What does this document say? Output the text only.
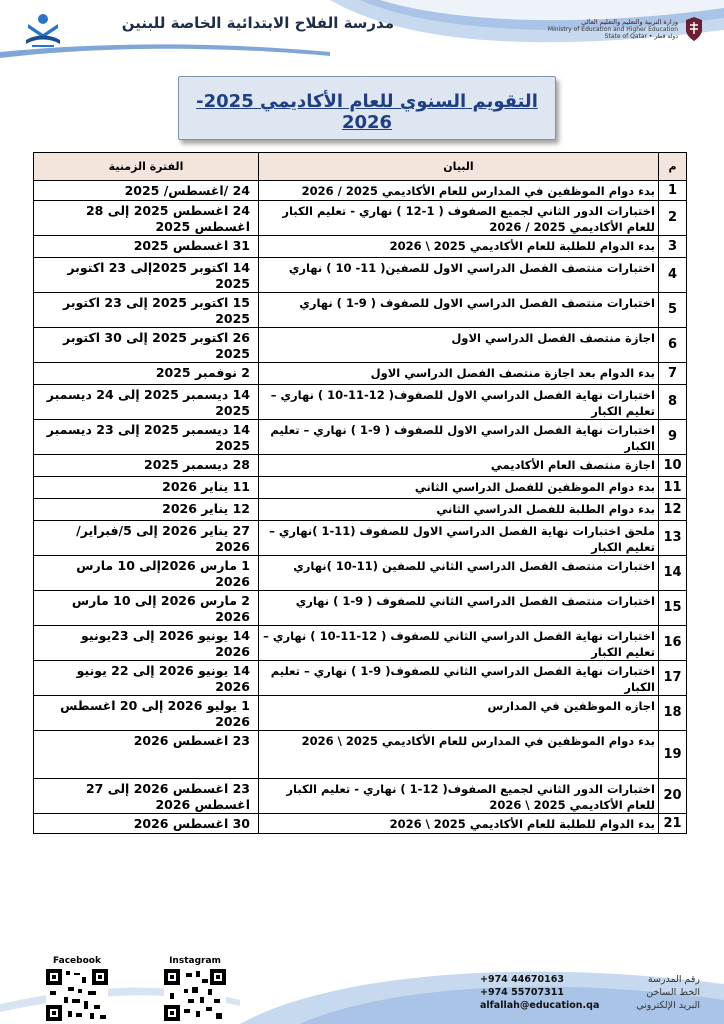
مدرسة الفلاح الابتدائية الخاصة للبنين	وزارة التربية والتعليم والتعليم العالي
Ministry of Education and Higher Education
State of Qatar • دولة قطر
التقويم السنوي للعام الأكاديمي 2025-2026
م	البيان	الفترة الزمنية
1	بدء دوام الموظفين في المدارس للعام الأكاديمي 2025 / 2026	24 /اغسطس/ 2025
2	اختبارات الدور الثاني لجميع الصفوف ( 1-12 ) نهاري - تعليم الكبار للعام الأكاديمي 2025 / 2026	24 اغسطس 2025 إلى 28 اغسطس 2025
3	بدء الدوام للطلبة للعام الأكاديمي 2025 \ 2026	31 اغسطس 2025
4	اختبارات منتصف الفصل الدراسي الاول للصفين( 11- 10 ) نهاري	14 اكتوبر 2025إلى 23 اكتوبر 2025
5	اختبارات منتصف الفصل الدراسي الاول للصفوف ( 9-1 ) نهاري	15 اكتوبر 2025 إلى 23 اكتوبر 2025
6	اجازة منتصف الفصل الدراسي الاول	26 اكتوبر 2025 إلى 30 اكتوبر 2025
7	بدء الدوام بعد اجازة منتصف الفصل الدراسي الاول	2 نوفمبر 2025
8	اختبارات نهاية الفصل الدراسي الاول للصفوف( 12-11-10 ) نهاري – تعليم الكبار	14 ديسمبر 2025 إلى 24 ديسمبر 2025
9	اختبارات نهاية الفصل الدراسي الاول للصفوف ( 9-1 ) نهاري – تعليم الكبار	14 ديسمبر 2025 إلى 23 ديسمبر 2025
10	اجازة منتصف العام الأكاديمي	28 ديسمبر 2025
11	بدء دوام الموظفين للفصل الدراسي الثاني	11 يناير 2026
12	بدء دوام الطلبة للفصل الدراسي الثاني	12 يناير 2026
13	ملحق اختبارات نهاية الفصل الدراسي الاول للصفوف (11-1 )نهاري – تعليم الكبار	27 يناير 2026 إلى 5/فبراير/ 2026
14	اختبارات منتصف الفصل الدراسي الثاني للصفين (11-10 )نهاري	1 مارس 2026إلى 10 مارس 2026
15	اختبارات منتصف الفصل الدراسي الثاني للصفوف ( 9-1 ) نهاري	2 مارس 2026 إلى 10 مارس 2026
16	اختبارات نهاية الفصل الدراسي الثاني للصفوف ( 12-11-10 ) نهاري – تعليم الكبار	14 يونيو 2026 إلى 23يونيو 2026
17	اختبارات نهاية الفصل الدراسي الثاني للصفوف( 9-1 ) نهاري – تعليم الكبار	14 يونيو 2026 إلى 22 يونيو 2026
18	اجازه الموظفين في المدارس	1 يوليو 2026 إلى 20 اغسطس 2026
19	بدء دوام الموظفين في المدارس للعام الأكاديمي 2025 \ 2026	23 اغسطس 2026
20	اختبارات الدور الثاني لجميع الصفوف( 12-1 ) نهاري - تعليم الكبار للعام الأكاديمي 2025 \ 2026	23 اغسطس 2026 إلى 27 اغسطس 2026
21	بدء الدوام للطلبة للعام الأكاديمي 2025 \ 2026	30 اغسطس 2026
Facebook	Instagram
رقم المدرسة
+974 44670163
الخط الساخن
+974 55707311
البريد الإلكتروني
alfallah@education.qa
